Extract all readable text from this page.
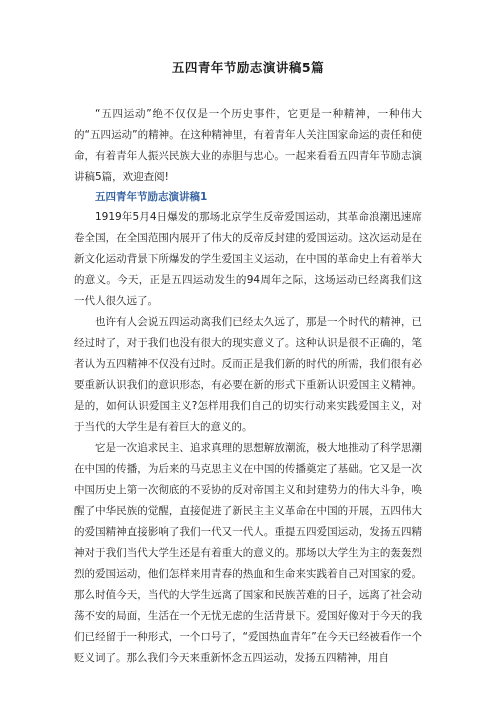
五四青年节励志演讲稿5篇

“五四运动”绝不仅仅是一个历史事件，它更是一种精神，一种伟大的“五四运动”的精神。在这种精神里，有着青年人关注国家命运的责任和使命，有着青年人振兴民族大业的赤胆与忠心。一起来看看五四青年节励志演讲稿5篇，欢迎查阅!

五四青年节励志演讲稿1

1919年5月4日爆发的那场北京学生反帝爱国运动，其革命浪潮迅速席卷全国，在全国范围内展开了伟大的反帝反封建的爱国运动。这次运动是在新文化运动背景下所爆发的学生爱国主义运动，在中国的革命史上有着举大的意义。今天，正是五四运动发生的94周年之际，这场运动已经离我们这一代人很久远了。

也许有人会说五四运动离我们已经太久远了，那是一个时代的精神，已经过时了，对于我们也没有很大的现实意义了。这种认识是很不正确的，笔者认为五四精神不仅没有过时。反而正是我们新的时代的所需，我们很有必要重新认识我们的意识形态，有必要在新的形式下重新认识爱国主义精神。是的，如何认识爱国主义?怎样用我们自己的切实行动来实践爱国主义，对于当代的大学生是有着巨大的意义的。

它是一次追求民主、追求真理的思想解放潮流，极大地推动了科学思潮在中国的传播，为后来的马克思主义在中国的传播奠定了基础。它又是一次中国历史上第一次彻底的不妥协的反对帝国主义和封建势力的伟大斗争，唤醒了中华民族的觉醒，直接促进了新民主主义革命在中国的开展，五四伟大的爱国精神直接影响了我们一代又一代人。重提五四爱国运动，发扬五四精神对于我们当代大学生还是有着重大的意义的。那场以大学生为主的轰轰烈烈的爱国运动，他们怎样来用青春的热血和生命来实践着自己对国家的爱。那么时值今天，当代的大学生远离了国家和民族苦难的日子，远离了社会动荡不安的局面，生活在一个无忧无虑的生活背景下。爱国好像对于今天的我们已经留于一种形式，一个口号了，“爱国热血青年”在今天已经被看作一个贬义词了。那么我们今天来重新怀念五四运动，发扬五四精神，用自
